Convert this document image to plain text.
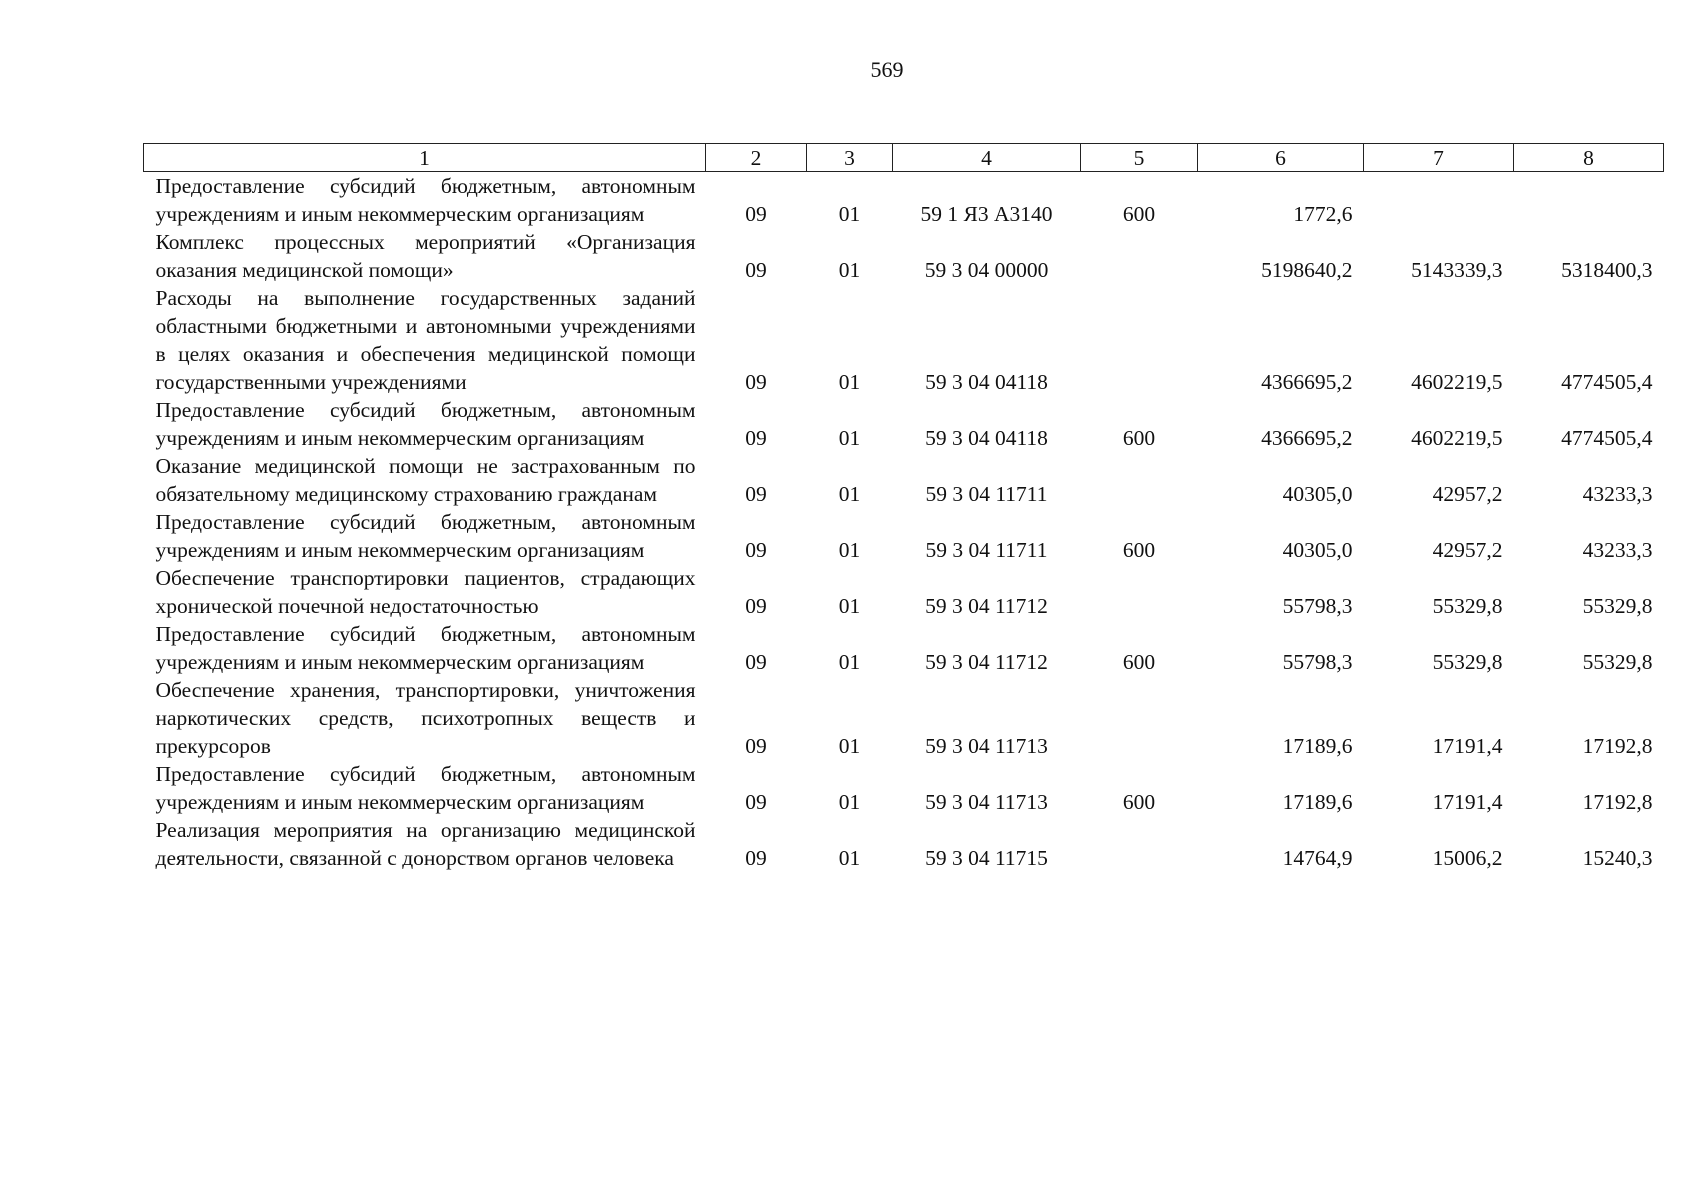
569
1	2	3	4	5	6	7	8
Предоставление субсидий бюджетным, автономным учреждениям и иным некоммерческим организациям	09	01	59 1 Я3 А3140	600	1772,6		
Комплекс процессных мероприятий «Организация оказания медицинской помощи»	09	01	59 3 04 00000		5198640,2	5143339,3	5318400,3
Расходы на выполнение государственных заданий областными бюджетными и автономными учреждениями в целях оказания и обеспечения медицинской помощи государственными учреждениями	09	01	59 3 04 04118		4366695,2	4602219,5	4774505,4
Предоставление субсидий бюджетным, автономным учреждениям и иным некоммерческим организациям	09	01	59 3 04 04118	600	4366695,2	4602219,5	4774505,4
Оказание медицинской помощи не застрахованным по обязательному медицинскому страхованию гражданам	09	01	59 3 04 11711		40305,0	42957,2	43233,3
Предоставление субсидий бюджетным, автономным учреждениям и иным некоммерческим организациям	09	01	59 3 04 11711	600	40305,0	42957,2	43233,3
Обеспечение транспортировки пациентов, страдающих хронической почечной недостаточностью	09	01	59 3 04 11712		55798,3	55329,8	55329,8
Предоставление субсидий бюджетным, автономным учреждениям и иным некоммерческим организациям	09	01	59 3 04 11712	600	55798,3	55329,8	55329,8
Обеспечение хранения, транспортировки, уничтожения наркотических средств, психотропных веществ и прекурсоров	09	01	59 3 04 11713		17189,6	17191,4	17192,8
Предоставление субсидий бюджетным, автономным учреждениям и иным некоммерческим организациям	09	01	59 3 04 11713	600	17189,6	17191,4	17192,8
Реализация мероприятия на организацию медицинской деятельности, связанной с донорством органов человека	09	01	59 3 04 11715		14764,9	15006,2	15240,3
